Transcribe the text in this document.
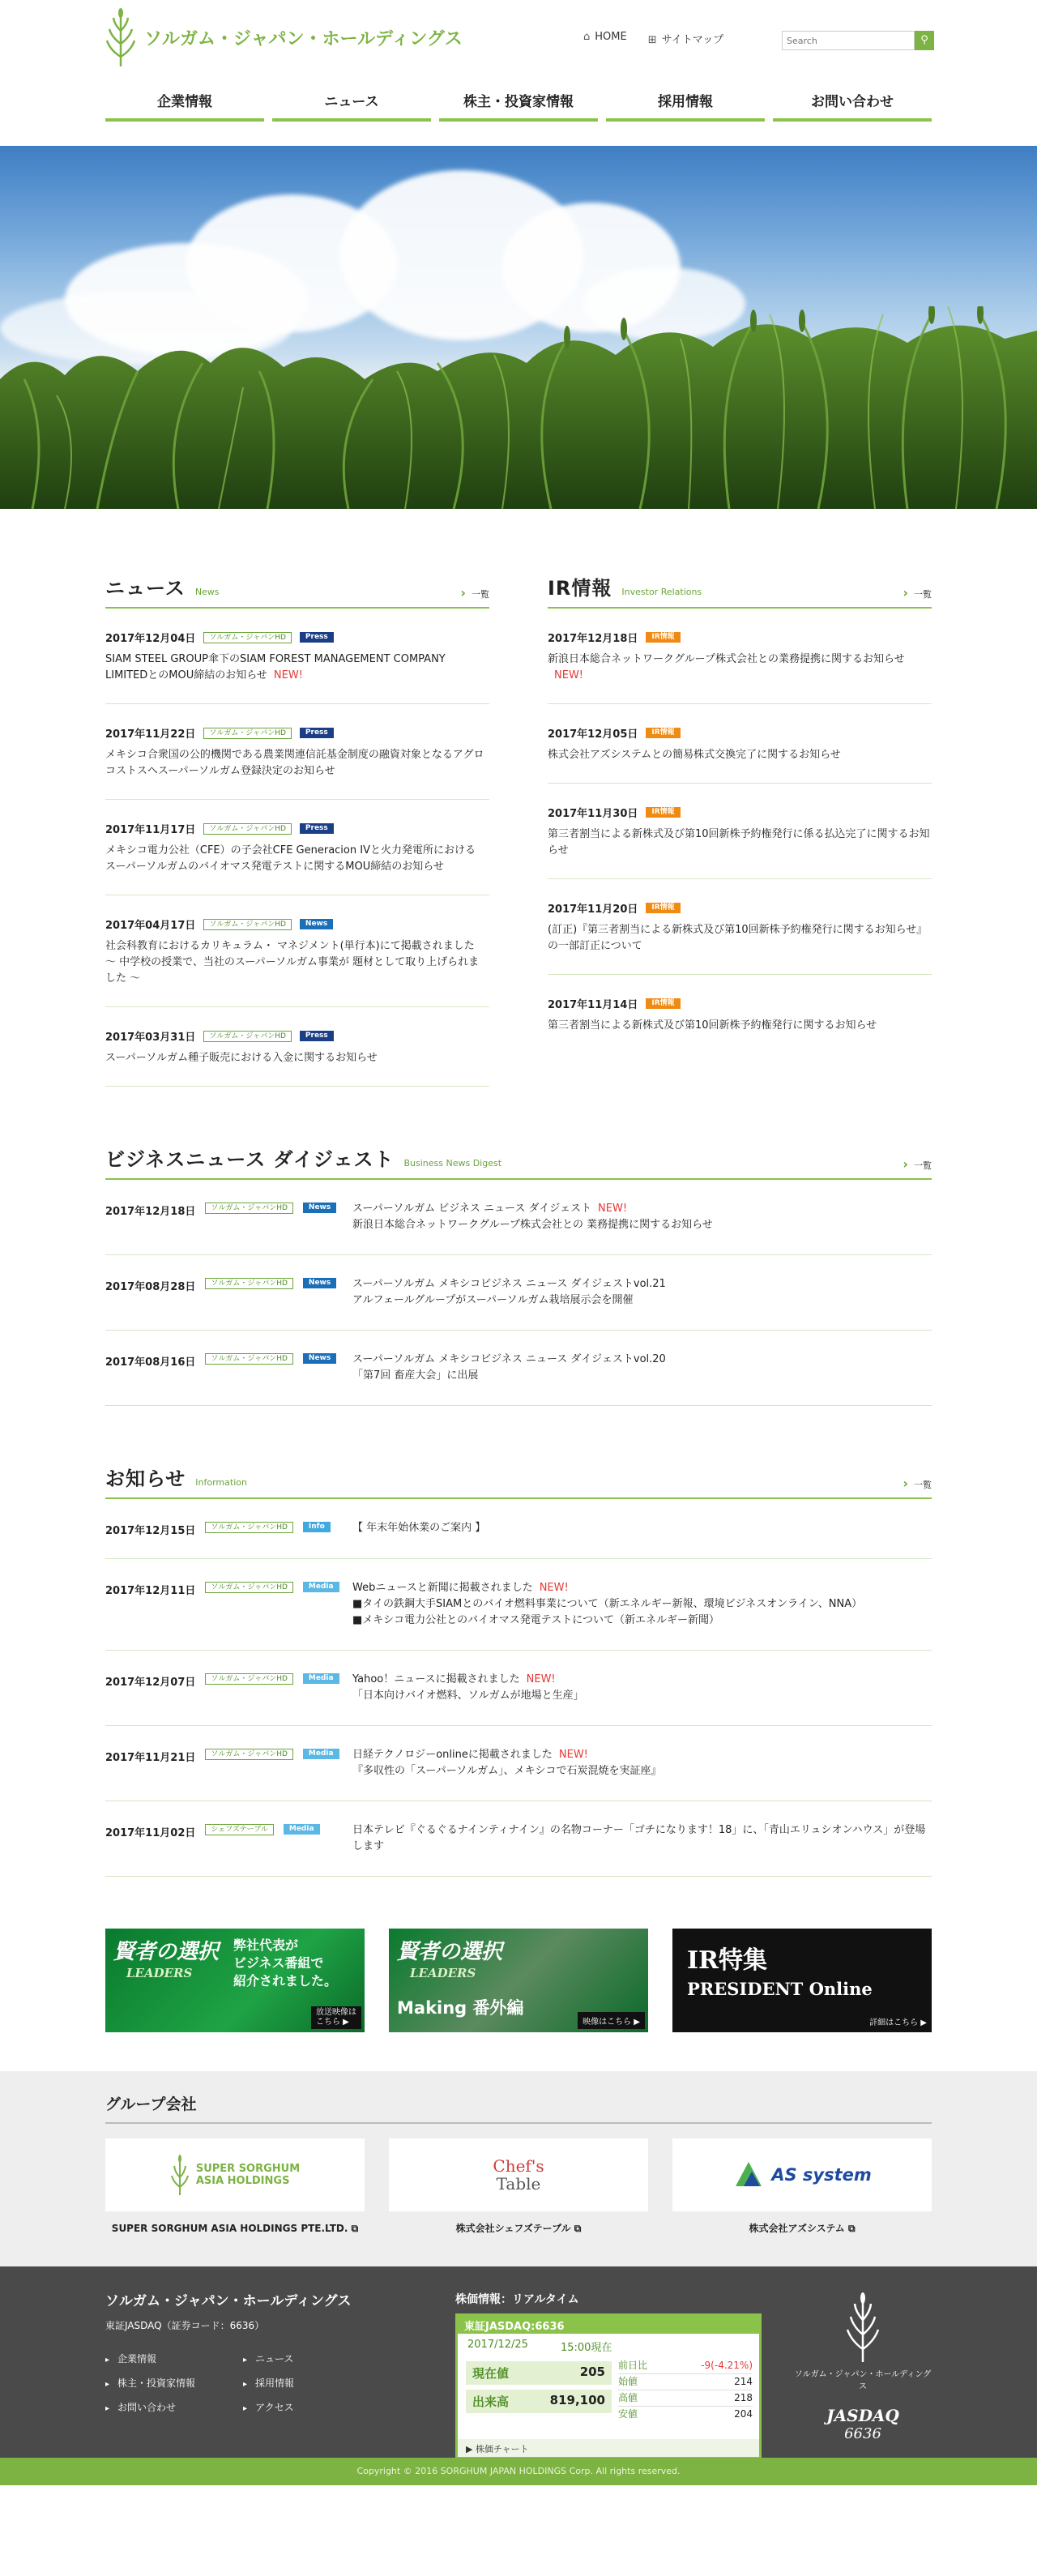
ソルガム・ジャパン・ホールディングス	⌂ HOME ⊞ サイトマップ
Search	⚲
企業情報	ニュース	株主・投資家情報	採用情報	お問い合わせ
ニュース News	› 一覧
2017年12月04日	ソルガム・ジャパンHD	Press
SIAM STEEL GROUP傘下のSIAM FOREST MANAGEMENT COMPANY LIMITEDとのMOU締結のお知らせ NEW!
2017年11月22日	ソルガム・ジャパンHD	Press
メキシコ合衆国の公的機関である農業関連信託基金制度の融資対象となるアグロコストスへスーパーソルガム登録決定のお知らせ
2017年11月17日	ソルガム・ジャパンHD	Press
メキシコ電力公社（CFE）の子会社CFE Generacion IVと火力発電所における スーパーソルガムのバイオマス発電テストに関するMOU締結のお知らせ
2017年04月17日	ソルガム・ジャパンHD	News
社会科教育におけるカリキュラム・ マネジメント(単行本)にて掲載されました
～ 中学校の授業で、当社のスーパーソルガム事業が 題材として取り上げられました ～
2017年03月31日	ソルガム・ジャパンHD	Press
スーパーソルガム種子販売における入金に関するお知らせ
IR情報 Investor Relations	› 一覧
2017年12月18日	IR情報
新浪日本総合ネットワークグループ株式会社との業務提携に関するお知らせNEW!
2017年12月05日	IR情報
株式会社アズシステムとの簡易株式交換完了に関するお知らせ
2017年11月30日	IR情報
第三者割当による新株式及び第10回新株予約権発行に係る払込完了に関するお知らせ
2017年11月20日	IR情報
(訂正)『第三者割当による新株式及び第10回新株予約権発行に関するお知らせ』の一部訂正について
2017年11月14日	IR情報
第三者割当による新株式及び第10回新株予約権発行に関するお知らせ
ビジネスニュース ダイジェスト Business News Digest	› 一覧
2017年12月18日	ソルガム・ジャパンHD	News	スーパーソルガム ビジネス ニュース ダイジェスト NEW!
新浪日本総合ネットワークグループ株式会社との 業務提携に関するお知らせ
2017年08月28日	ソルガム・ジャパンHD	News	スーパーソルガム メキシコビジネス ニュース ダイジェストvol.21
アルフェールグループがスーパーソルガム栽培展示会を開催
2017年08月16日	ソルガム・ジャパンHD	News	スーパーソルガム メキシコビジネス ニュース ダイジェストvol.20
「第7回 畜産大会」に出展
お知らせ Information	› 一覧
2017年12月15日	ソルガム・ジャパンHD	Info	【 年末年始休業のご案内 】
2017年12月11日	ソルガム・ジャパンHD	Media	Webニュースと新聞に掲載されました NEW!
■タイの鉄鋼大手SIAMとのバイオ燃料事業について（新エネルギー新報、環境ビジネスオンライン、NNA）
■メキシコ電力公社とのバイオマス発電テストについて（新エネルギー新聞）
2017年12月07日	ソルガム・ジャパンHD	Media	Yahoo！ニュースに掲載されました NEW!
「日本向けバイオ燃料、ソルガムが地場と生産」
2017年11月21日	ソルガム・ジャパンHD	Media	日経テクノロジーonlineに掲載されました NEW!
『多収性の「スーパーソルガム」、メキシコで石炭混焼を実証座』
2017年11月02日	シェフズテーブル	Media	日本テレビ『ぐるぐるナインティナイン』の名物コーナー「ゴチになります！18」に、「青山エリュシオンハウス」が登場します
賢者の選択
LEADERS
弊社代表が
ビジネス番組で
紹介されました。
放送映像は
こちら ▶
賢者の選択
LEADERS
Making 番外編
映像はこちら ▶
IR特集
PRESIDENT Online
詳細はこちら ▶
グループ会社
SUPER SORGHUM
ASIA HOLDINGS
SUPER SORGHUM ASIA HOLDINGS PTE.LTD. ⧉
Chef's
Table
株式会社シェフズテーブル ⧉
AS system
株式会社アズシステム ⧉
ソルガム・ジャパン・ホールディングス
東証JASDAQ（証券コード：6636）
▸ 企業情報	▸ ニュース
▸ 株主・投資家情報	▸ 採用情報
▸ お問い合わせ	▸ アクセス
株価情報：リアルタイム
東証JASDAQ:6636
2017/12/25	15:00現在
現在値	205
出来高	819,100
前日比	-9(-4.21%)
始値	214
高値	218
安値	204
▶ 株価チャート
ソルガム・ジャパン・ホールディングス
JASDAQ
6636
Copyright © 2016 SORGHUM JAPAN HOLDINGS Corp. All rights reserved.
